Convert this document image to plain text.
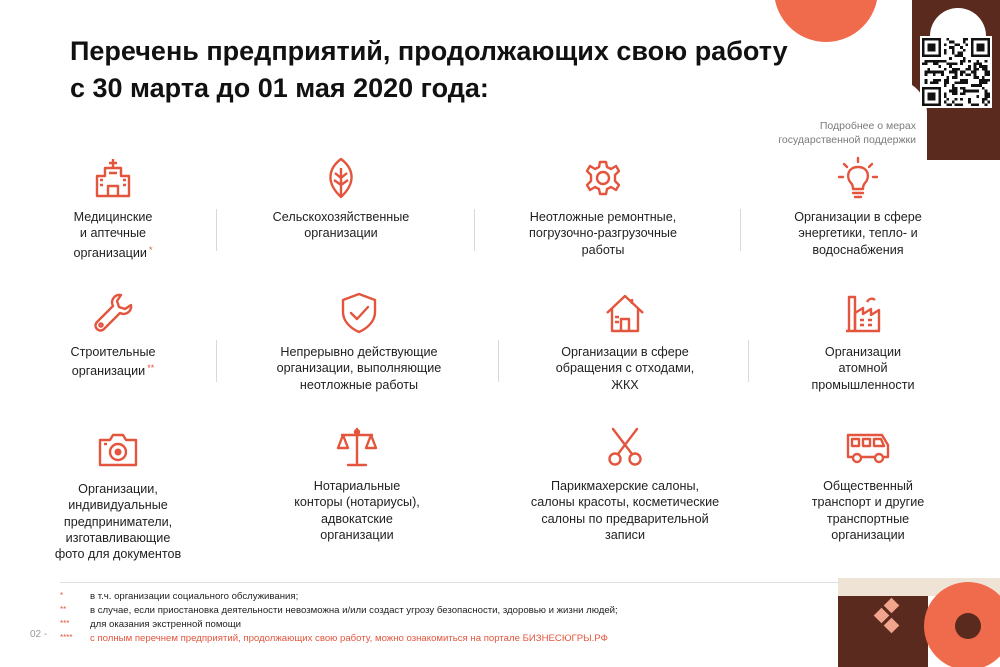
Перечень предприятий, продолжающих свою работу
с 30 марта до 01 мая 2020 года:
Подробнее о мерах
государственной поддержки
Медицинские
и аптечные
организации *
Сельскохозяйственные
организации
Неотложные ремонтные,
погрузочно-разгрузочные
работы
Организации в сфере
энергетики, тепло- и
водоснабжения
Строительные
организации **
Непрерывно действующие
организации, выполняющие
неотложные работы
Организации в сфере
обращения с отходами,
ЖКХ
Организации
атомной
промышленности
Организации,
индивидуальные
предприниматели,
изготавливающие
фото для документов
Нотариальные
конторы (нотариусы),
адвокатские
организации
Парикмахерские салоны,
салоны красоты, косметические
салоны по предварительной
записи
Общественный
транспорт и другие
транспортные
организации
*	в т.ч. организации социального обслуживания;
** в случае, если приостановка деятельности невозможна и/или создаст угрозу безопасности, здоровью и жизни людей;
*** для оказания экстренной помощи
**** с полным перечнем предприятий, продолжающих свою работу, можно ознакомиться на портале БИЗНЕСЮГРЫ.РФ
02 -
